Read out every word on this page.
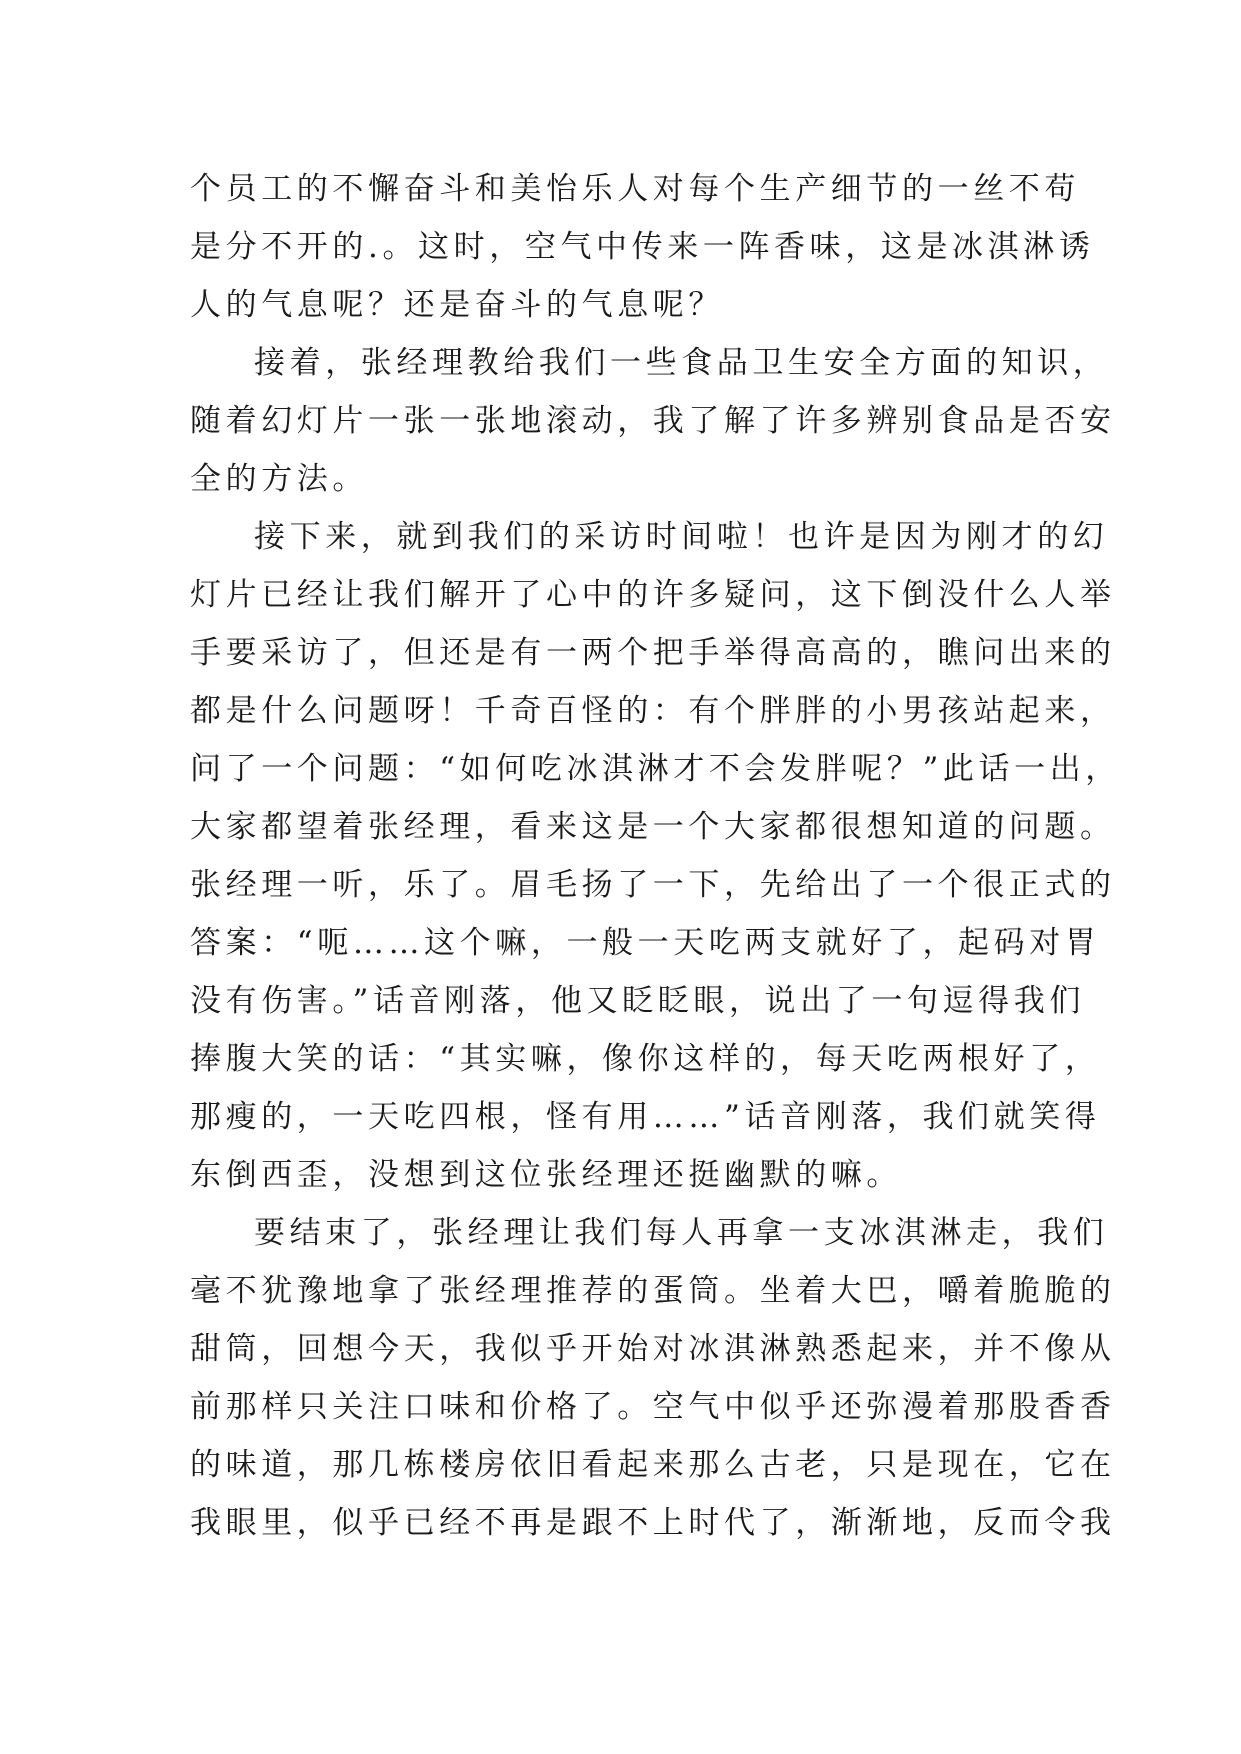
个员工的不懈奋斗和美怡乐人对每个生产细节的一丝不苟
是分不开的.。这时，空气中传来一阵香味，这是冰淇淋诱
人的气息呢？还是奋斗的气息呢？

接着，张经理教给我们一些食品卫生安全方面的知识，
随着幻灯片一张一张地滚动，我了解了许多辨别食品是否安
全的方法。

接下来，就到我们的采访时间啦！也许是因为刚才的幻
灯片已经让我们解开了心中的许多疑问，这下倒没什么人举
手要采访了，但还是有一两个把手举得高高的，瞧问出来的
都是什么问题呀！千奇百怪的：有个胖胖的小男孩站起来，
问了一个问题：“如何吃冰淇淋才不会发胖呢？”此话一出，
大家都望着张经理，看来这是一个大家都很想知道的问题。
张经理一听，乐了。眉毛扬了一下，先给出了一个很正式的
答案：“呃……这个嘛，一般一天吃两支就好了，起码对胃
没有伤害。”话音刚落，他又眨眨眼，说出了一句逗得我们
捧腹大笑的话：“其实嘛，像你这样的，每天吃两根好了，
那瘦的，一天吃四根，怪有用……”话音刚落，我们就笑得
东倒西歪，没想到这位张经理还挺幽默的嘛。

要结束了，张经理让我们每人再拿一支冰淇淋走，我们
毫不犹豫地拿了张经理推荐的蛋筒。坐着大巴，嚼着脆脆的
甜筒，回想今天，我似乎开始对冰淇淋熟悉起来，并不像从
前那样只关注口味和价格了。空气中似乎还弥漫着那股香香
的味道，那几栋楼房依旧看起来那么古老，只是现在，它在
我眼里，似乎已经不再是跟不上时代了，渐渐地，反而令我
